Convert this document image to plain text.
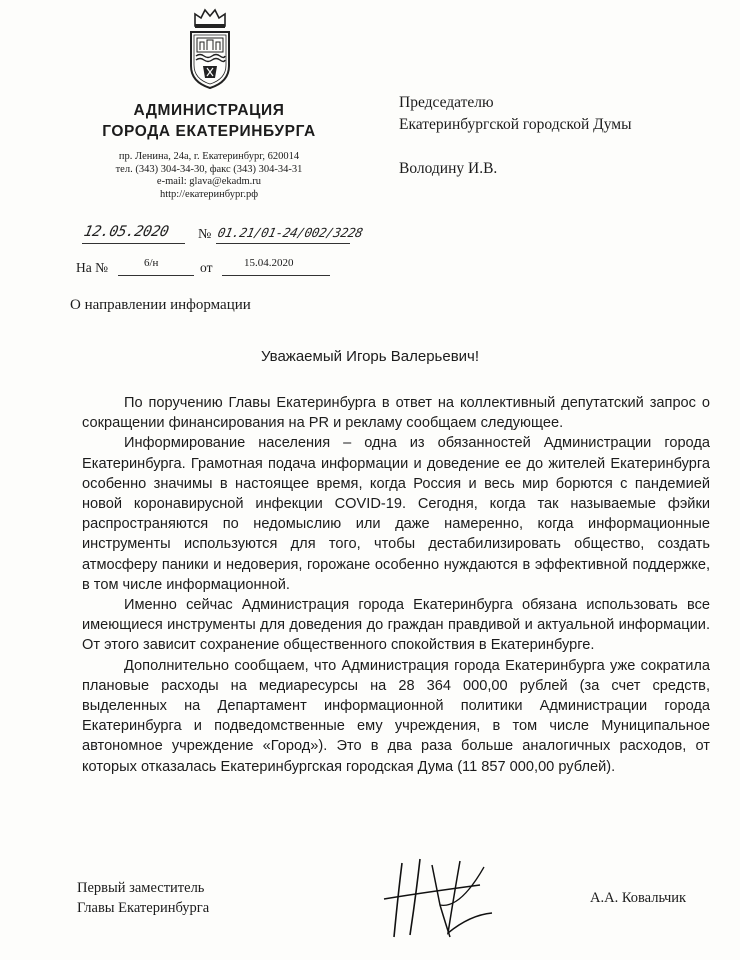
АДМИНИСТРАЦИЯ
ГОРОДА ЕКАТЕРИНБУРГА
пр. Ленина, 24а, г. Екатеринбург, 620014
тел. (343) 304-34-30, факс (343) 304-34-31
e-mail: glava@ekadm.ru
http://екатеринбург.рф
Председателю
Екатеринбургской городской Думы
Володину И.В.
12.05.2020 № 01.21/01-24/002/3228
На №	6/н	от	15.04.2020
О направлении информации
Уважаемый Игорь Валерьевич!

По поручению Главы Екатеринбурга в ответ на коллективный депутатский запрос о сокращении финансирования на PR и рекламу сообщаем следующее.

Информирование населения – одна из обязанностей Администрации города Екатеринбурга. Грамотная подача информации и доведение ее до жителей Екатеринбурга особенно значимы в настоящее время, когда Россия и весь мир борются с пандемией новой коронавирусной инфекции COVID-19. Сегодня, когда так называемые фэйки распространяются по недомыслию или даже намеренно, когда информационные инструменты используются для того, чтобы дестабилизировать общество, создать атмосферу паники и недоверия, горожане особенно нуждаются в эффективной поддержке, в том числе информационной.

Именно сейчас Администрация города Екатеринбурга обязана использовать все имеющиеся инструменты для доведения до граждан правдивой и актуальной информации. От этого зависит сохранение общественного спокойствия в Екатеринбурге.

Дополнительно сообщаем, что Администрация города Екатеринбурга уже сократила плановые расходы на медиаресурсы на 28 364 000,00 рублей (за счет средств, выделенных на Департамент информационной политики Администрации города Екатеринбурга и подведомственные ему учреждения, в том числе Муниципальное автономное учреждение «Город»). Это в два раза больше аналогичных расходов, от которых отказалась Екатеринбургская городская Дума (11 857 000,00 рублей).

Первый заместитель
Главы Екатеринбурга
А.А. Ковальчик
